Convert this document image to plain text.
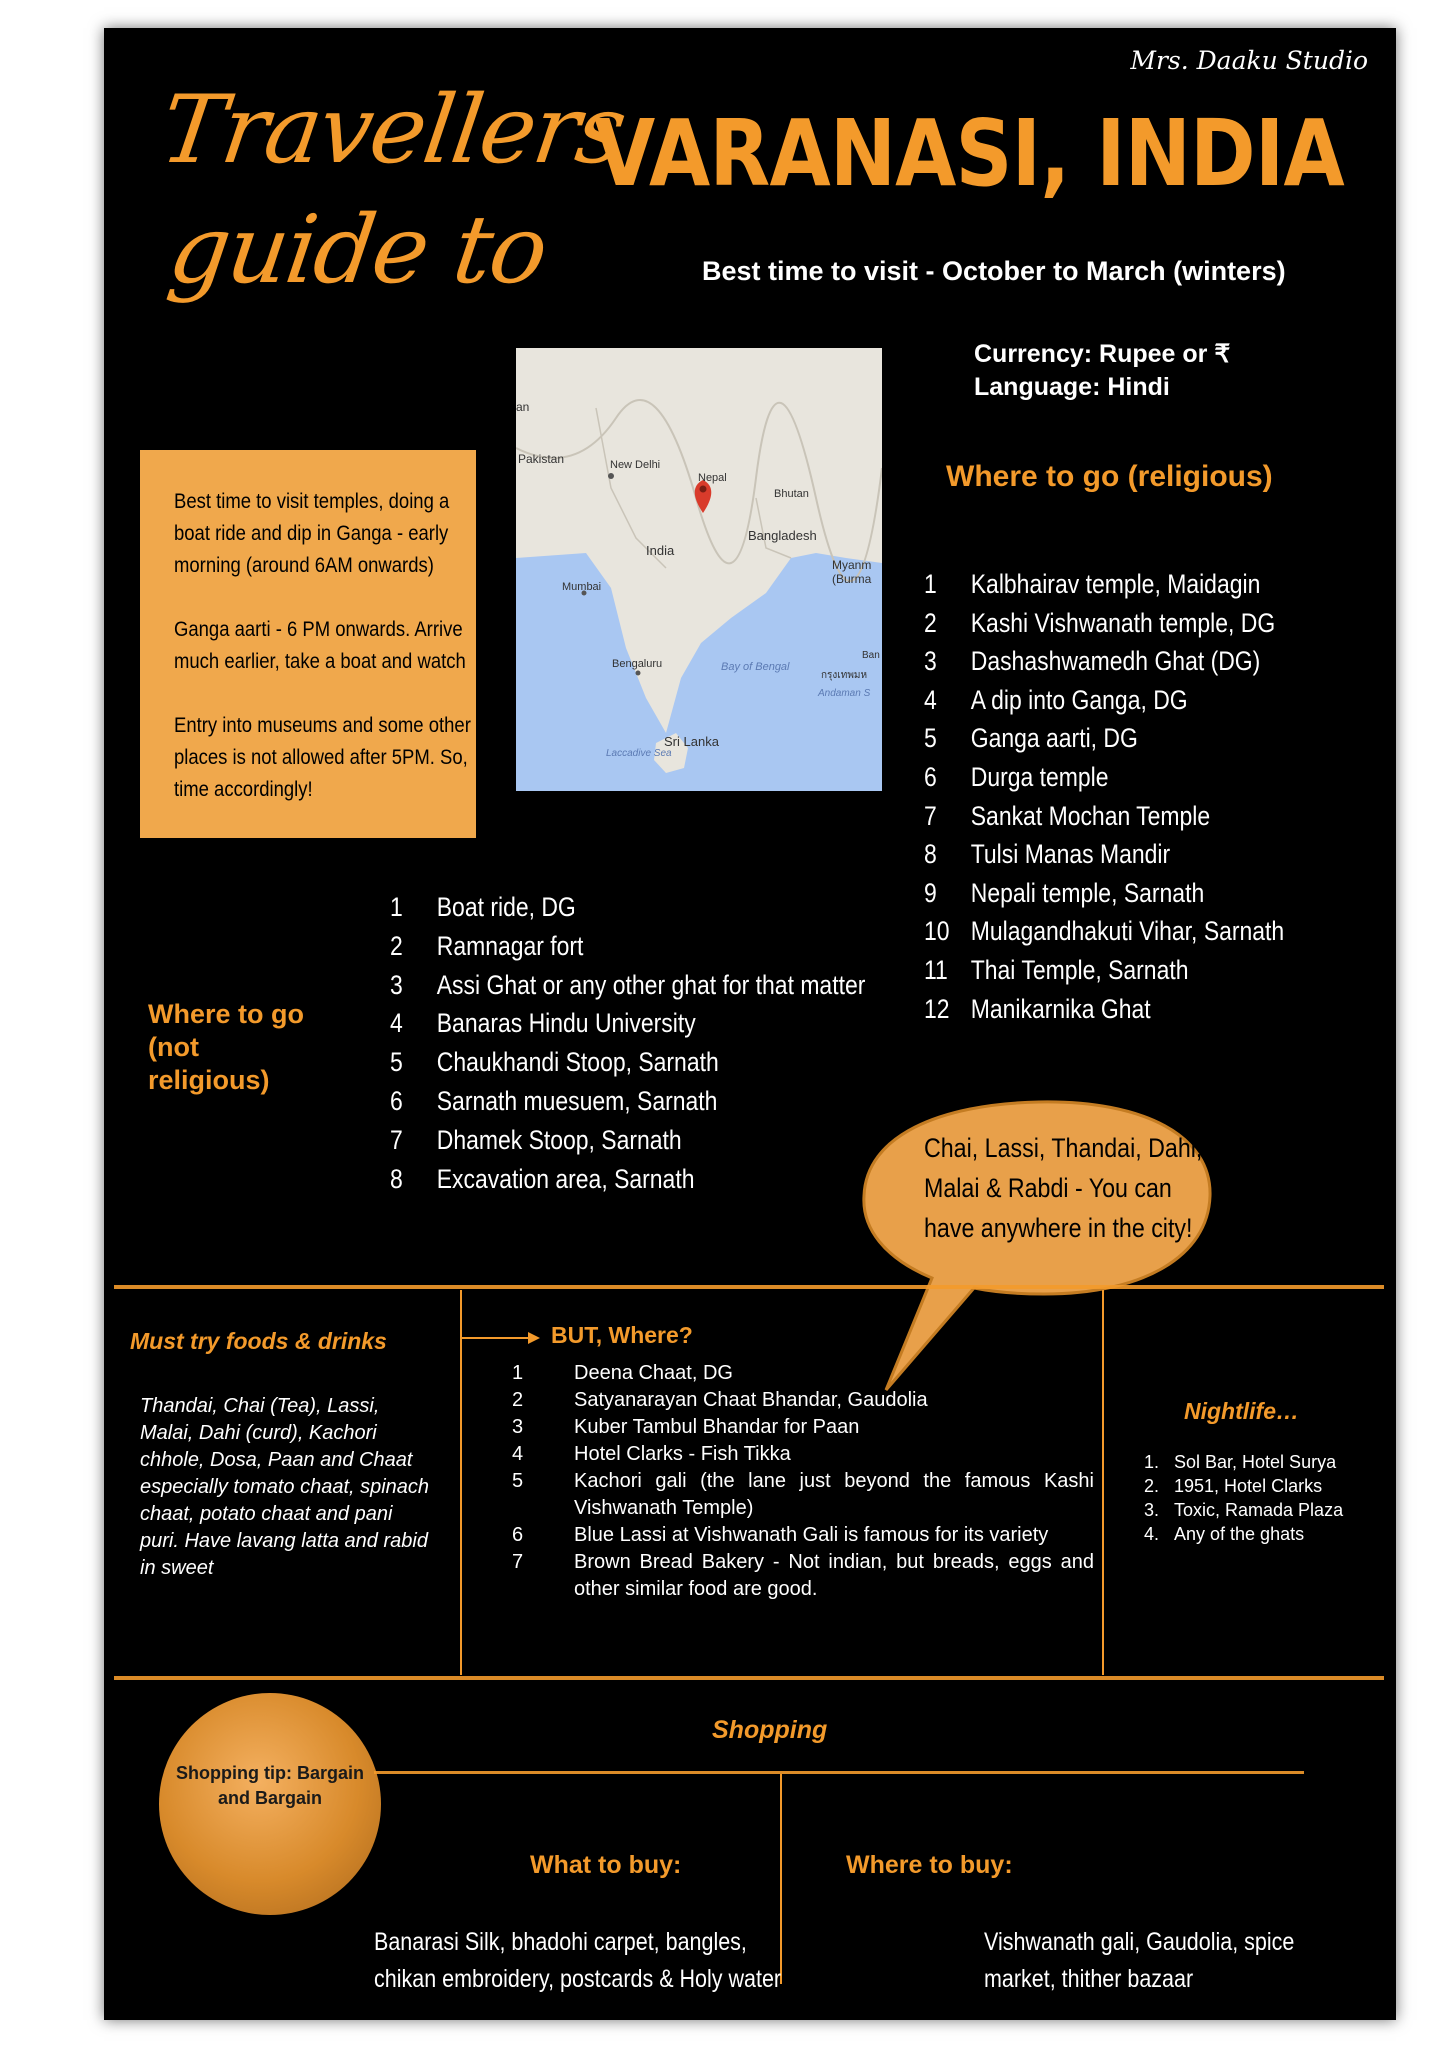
Mrs. Daaku Studio
Travellers
guide to
VARANASI, INDIA
Best time to visit - October to March (winters)
Currency: Rupee or ₹
Language: Hindi
an
Pakistan	New Delhi
Nepal
Bhutan
India
Bangladesh
Myanm (Burma
Mumbai
Bengaluru	Bay of Bengal
Ban
กรุงเทพมห
Andaman S
Sri Lanka
Laccadive Sea
Best time to visit temples, doing a boat ride and dip in Ganga - early morning (around 6AM onwards)
Ganga aarti - 6 PM onwards. Arrive much earlier, take a boat and watch
Entry into museums and some other places is not allowed after 5PM. So, time accordingly!
Where to go (religious)
1	Kalbhairav temple, Maidagin
2	Kashi Vishwanath temple, DG
3	Dashashwamedh Ghat (DG)
4	A dip into Ganga, DG
5	Ganga aarti, DG
6	Durga temple
7	Sankat Mochan Temple
8	Tulsi Manas Mandir
9	Nepali temple, Sarnath
10 Mulagandhakuti Vihar, Sarnath
11 Thai Temple, Sarnath
12 Manikarnika Ghat
Where to go
(not
religious)
1	Boat ride, DG
2	Ramnagar fort
3	Assi Ghat or any other ghat for that matter
4	Banaras Hindu University
5	Chaukhandi Stoop, Sarnath
6	Sarnath muesuem, Sarnath
7	Dhamek Stoop, Sarnath
8	Excavation area, Sarnath
Chai, Lassi, Thandai, Dahi, Malai & Rabdi - You can have anywhere in the city!
Must try foods & drinks
Thandai, Chai (Tea), Lassi, Malai, Dahi (curd), Kachori chhole, Dosa, Paan and Chaat especially tomato chaat, spinach chaat, potato chaat and pani puri. Have lavang latta and rabid in sweet
BUT, Where?
1	Deena Chaat, DG
2	Satyanarayan Chaat Bhandar, Gaudolia
3	Kuber Tambul Bhandar for Paan
4	Hotel Clarks - Fish Tikka
5	Kachori gali (the lane just beyond the famous Kashi Vishwanath Temple)
6	Blue Lassi at Vishwanath Gali is famous for its variety
7	Brown Bread Bakery - Not indian, but breads, eggs and other similar food are good.
Nightlife…
1. Sol Bar, Hotel Surya
2. 1951, Hotel Clarks
3. Toxic, Ramada Plaza
4. Any of the ghats
Shopping
Shopping tip: Bargain and Bargain
What to buy:
Banarasi Silk, bhadohi carpet, bangles,
chikan embroidery, postcards & Holy water
Where to buy:
Vishwanath gali, Gaudolia, spice
market, thither bazaar
